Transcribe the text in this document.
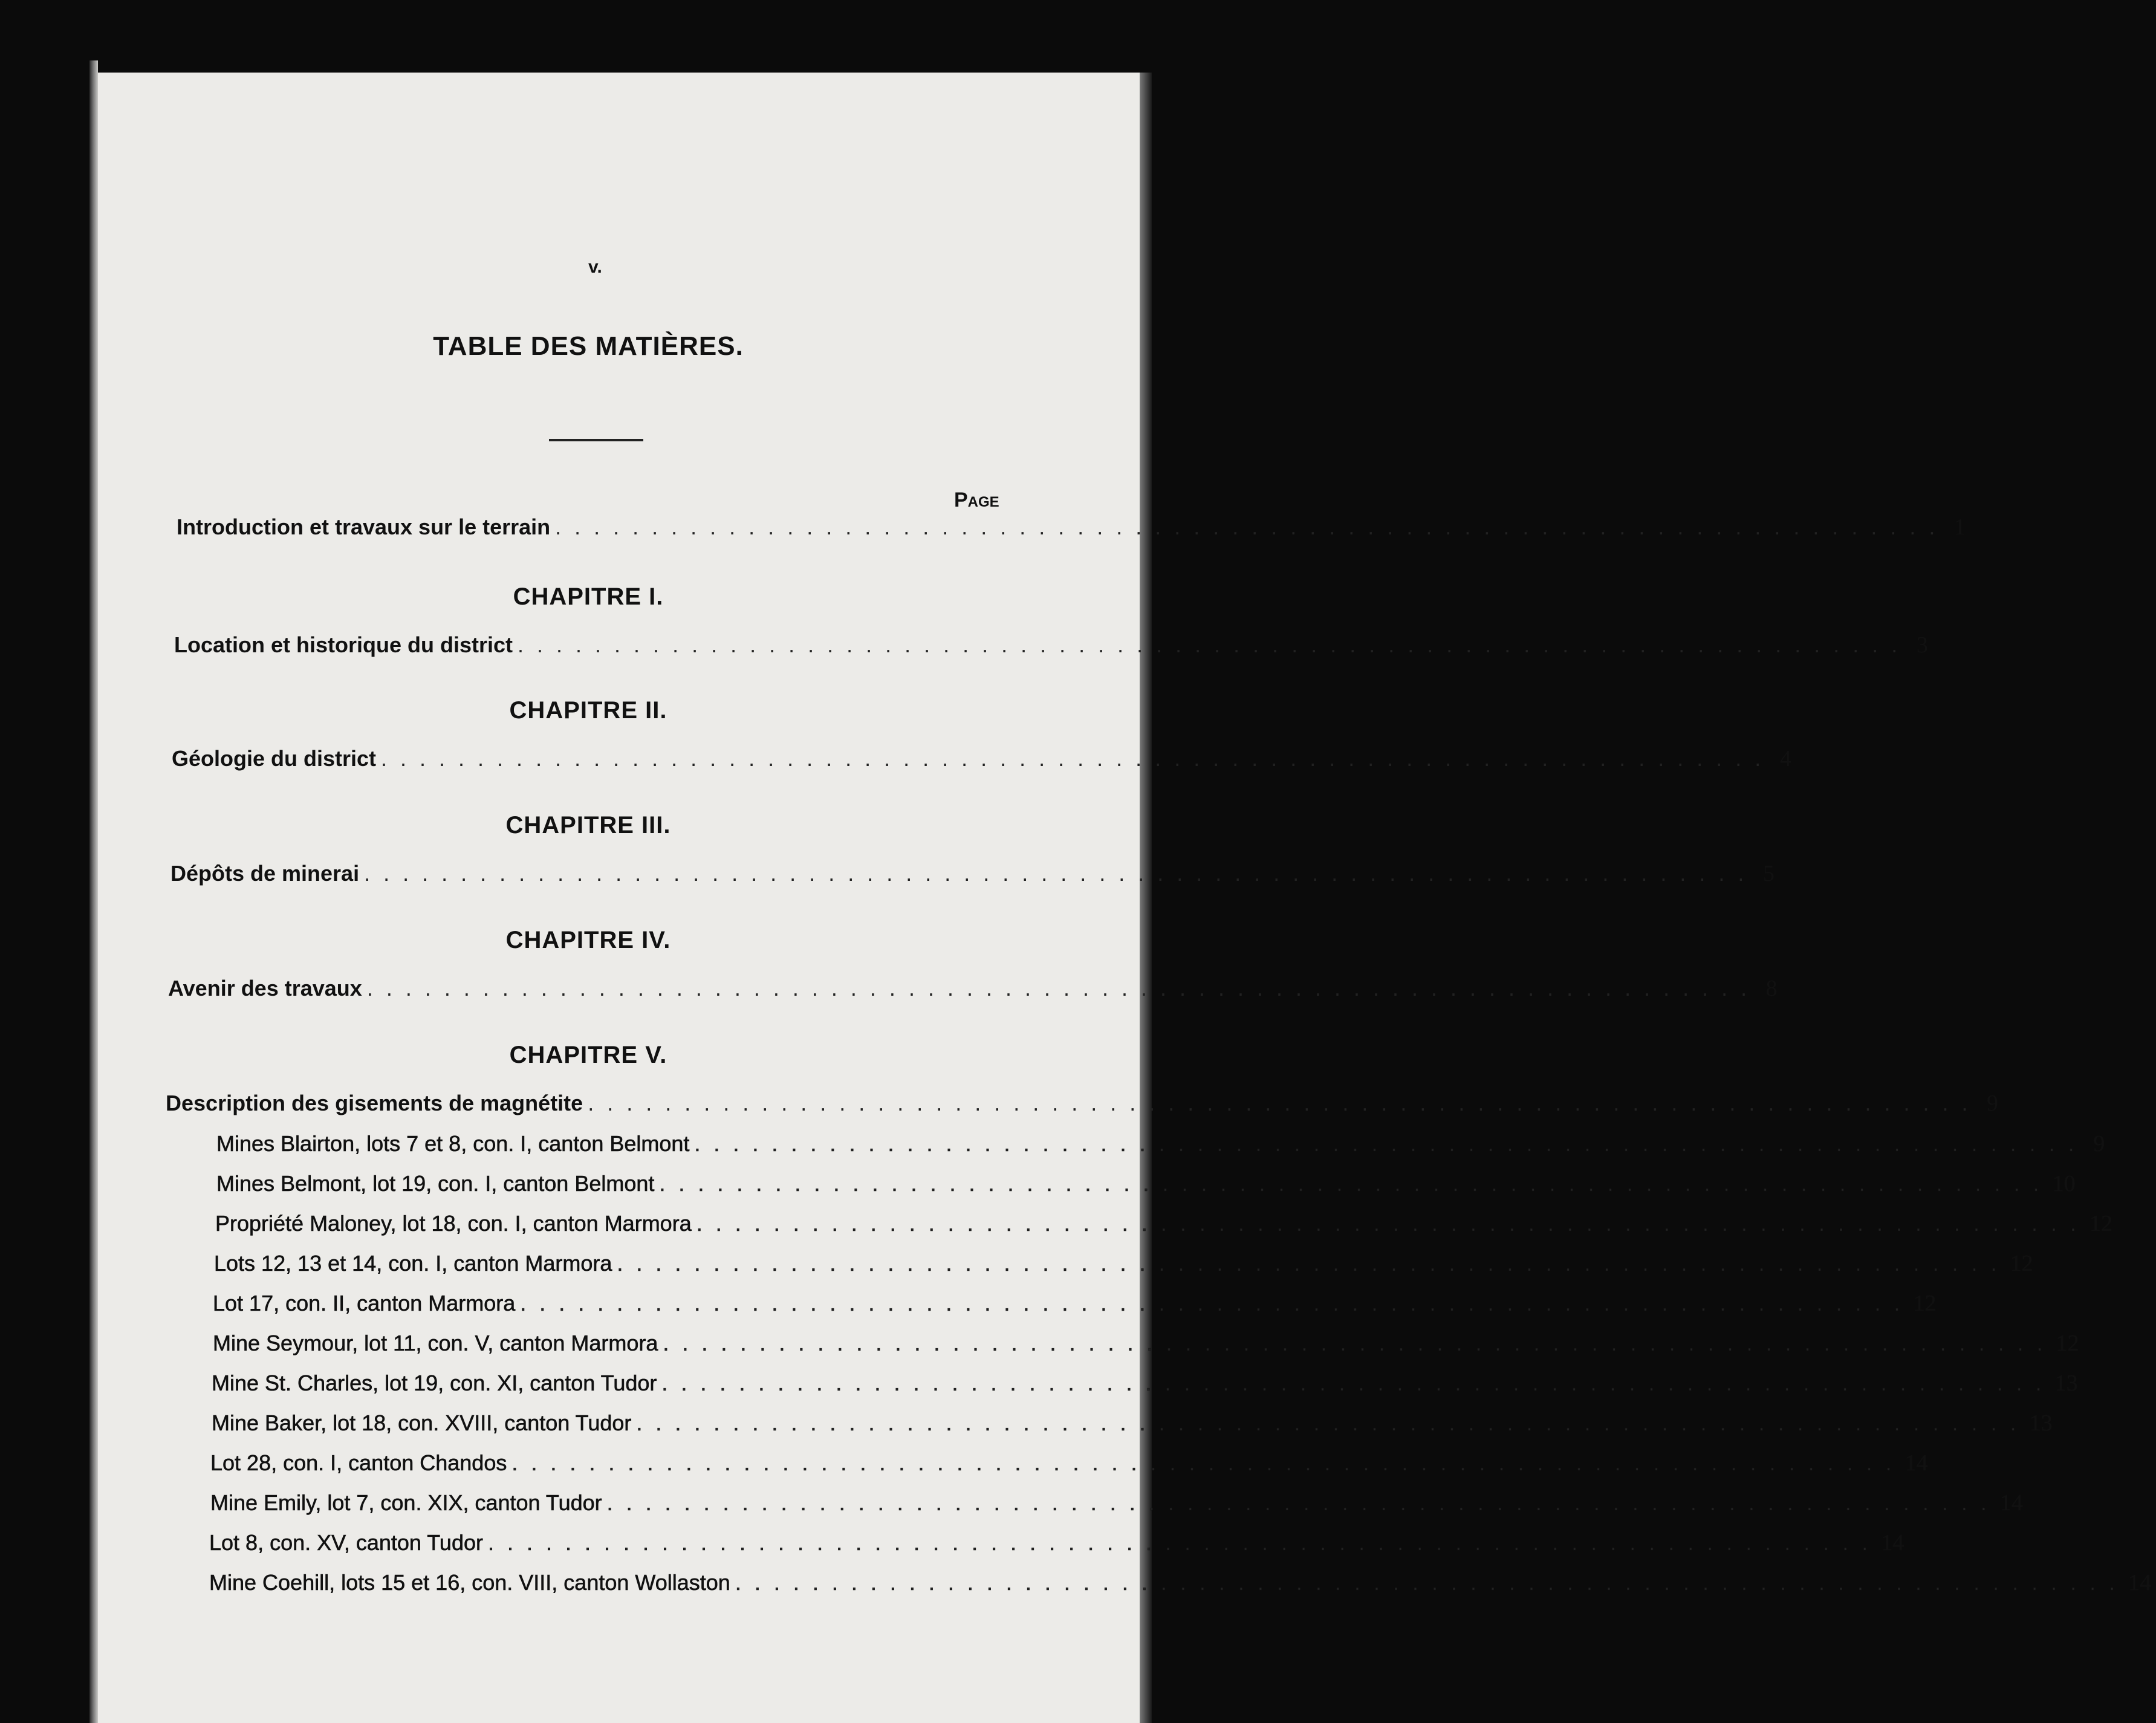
v.
TABLE DES MATIÈRES.
Page
Introduction et travaux sur le terrain . . . . . . . . . . . . . . . . . . . . . . . . . . . . . . . . . . . . . . . . . . . . . . . . . . . . . . . . . . . . . . . . . . . . . . . . 1
CHAPITRE I.
Location et historique du district . . . . . . . . . . . . . . . . . . . . . . . . . . . . . . . . . . . . . . . . . . . . . . . . . . . . . . . . . . . . . . . . . . . . . . . . 3
CHAPITRE II.
Géologie du district . . . . . . . . . . . . . . . . . . . . . . . . . . . . . . . . . . . . . . . . . . . . . . . . . . . . . . . . . . . . . . . . . . . . . . . . 4
CHAPITRE III.
Dépôts de minerai . . . . . . . . . . . . . . . . . . . . . . . . . . . . . . . . . . . . . . . . . . . . . . . . . . . . . . . . . . . . . . . . . . . . . . . . 5
CHAPITRE IV.
Avenir des travaux . . . . . . . . . . . . . . . . . . . . . . . . . . . . . . . . . . . . . . . . . . . . . . . . . . . . . . . . . . . . . . . . . . . . . . . . 8
CHAPITRE V.
Description des gisements de magnétite . . . . . . . . . . . . . . . . . . . . . . . . . . . . . . . . . . . . . . . . . . . . . . . . . . . . . . . . . . . . . . . . . . . . . . . . 9
Mines Blairton, lots 7 et 8, con. I, canton Belmont . . . . . . . . . . . . . . . . . . . . . . . . . . . . . . . . . . . . . . . . . . . . . . . . . . . . . . . . . . . . . . . . . . . . . . . . 9
Mines Belmont, lot 19, con. I, canton Belmont . . . . . . . . . . . . . . . . . . . . . . . . . . . . . . . . . . . . . . . . . . . . . . . . . . . . . . . . . . . . . . . . . . . . . . . . 10
Propriété Maloney, lot 18, con. I, canton Marmora . . . . . . . . . . . . . . . . . . . . . . . . . . . . . . . . . . . . . . . . . . . . . . . . . . . . . . . . . . . . . . . . . . . . . . . . 12
Lots 12, 13 et 14, con. I, canton Marmora . . . . . . . . . . . . . . . . . . . . . . . . . . . . . . . . . . . . . . . . . . . . . . . . . . . . . . . . . . . . . . . . . . . . . . . . 12
Lot 17, con. II, canton Marmora . . . . . . . . . . . . . . . . . . . . . . . . . . . . . . . . . . . . . . . . . . . . . . . . . . . . . . . . . . . . . . . . . . . . . . . . 12
Mine Seymour, lot 11, con. V, canton Marmora . . . . . . . . . . . . . . . . . . . . . . . . . . . . . . . . . . . . . . . . . . . . . . . . . . . . . . . . . . . . . . . . . . . . . . . . 12
Mine St. Charles, lot 19, con. XI, canton Tudor . . . . . . . . . . . . . . . . . . . . . . . . . . . . . . . . . . . . . . . . . . . . . . . . . . . . . . . . . . . . . . . . . . . . . . . . 13
Mine Baker, lot 18, con. XVIII, canton Tudor . . . . . . . . . . . . . . . . . . . . . . . . . . . . . . . . . . . . . . . . . . . . . . . . . . . . . . . . . . . . . . . . . . . . . . . . 13
Lot 28, con. I, canton Chandos . . . . . . . . . . . . . . . . . . . . . . . . . . . . . . . . . . . . . . . . . . . . . . . . . . . . . . . . . . . . . . . . . . . . . . . . 14
Mine Emily, lot 7, con. XIX, canton Tudor . . . . . . . . . . . . . . . . . . . . . . . . . . . . . . . . . . . . . . . . . . . . . . . . . . . . . . . . . . . . . . . . . . . . . . . . 14
Lot 8, con. XV, canton Tudor . . . . . . . . . . . . . . . . . . . . . . . . . . . . . . . . . . . . . . . . . . . . . . . . . . . . . . . . . . . . . . . . . . . . . . . . 14
Mine Coehill, lots 15 et 16, con. VIII, canton Wollaston . . . . . . . . . . . . . . . . . . . . . . . . . . . . . . . . . . . . . . . . . . . . . . . . . . . . . . . . . . . . . . . . . . . . . . . . 14
